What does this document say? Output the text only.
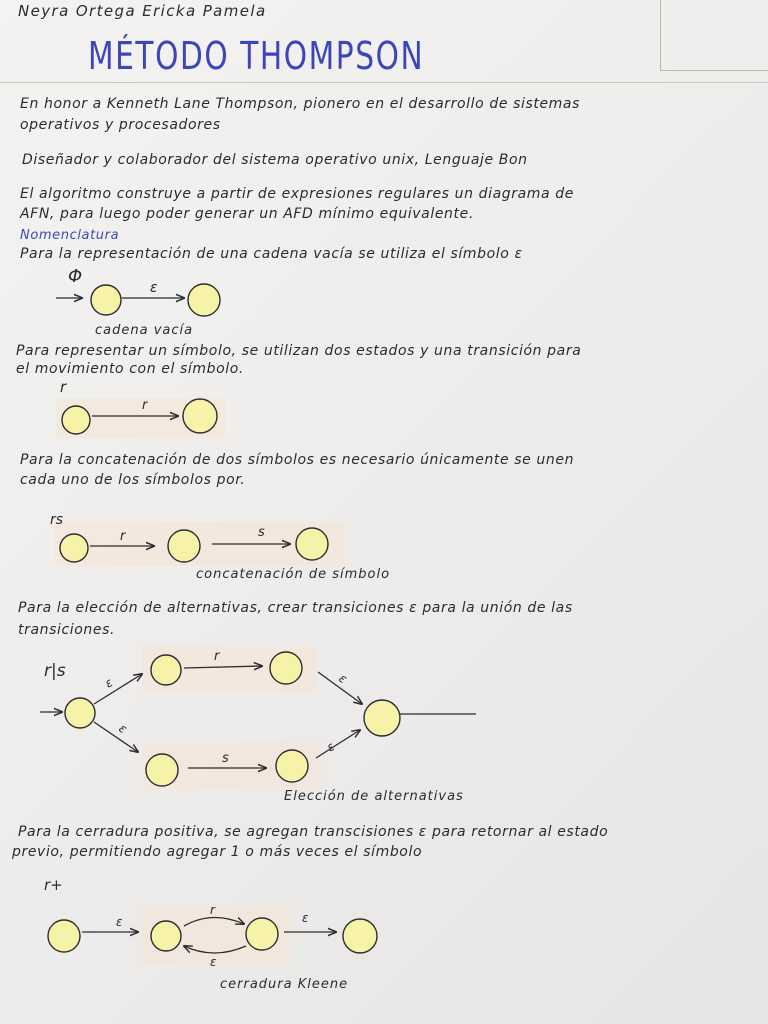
Neyra Ortega Ericka Pamela
MÉTODO THOMPSON
En honor a Kenneth Lane Thompson, pionero en el desarrollo de sistemas
operativos y procesadores
Diseñador y colaborador del sistema operativo unix, Lenguaje Bon
El algoritmo construye a partir de expresiones regulares un diagrama de
AFN, para luego poder generar un AFD mínimo equivalente.
Nomenclatura
Para la representación de una cadena vacía se utiliza el símbolo ε
Para representar un símbolo, se utilizan dos estados y una transición para
el movimiento con el símbolo.
Para la concatenación de dos símbolos es necesario únicamente se unen
cada uno de los símbolos por.
Para la elección de alternativas, crear transiciones ε para la unión de las
transiciones.
Para la cerradura positiva, se agregan transcisiones ε para retornar al estado
previo, permitiendo agregar 1 o más veces el símbolo
Φ
ε
cadena vacía
r
r
rs
r	s
concatenación de símbolo
r|s
ε
ε
r
s
ε
ε
Elección de alternativas
r+
ε
r
ε
ε
cerradura Kleene
